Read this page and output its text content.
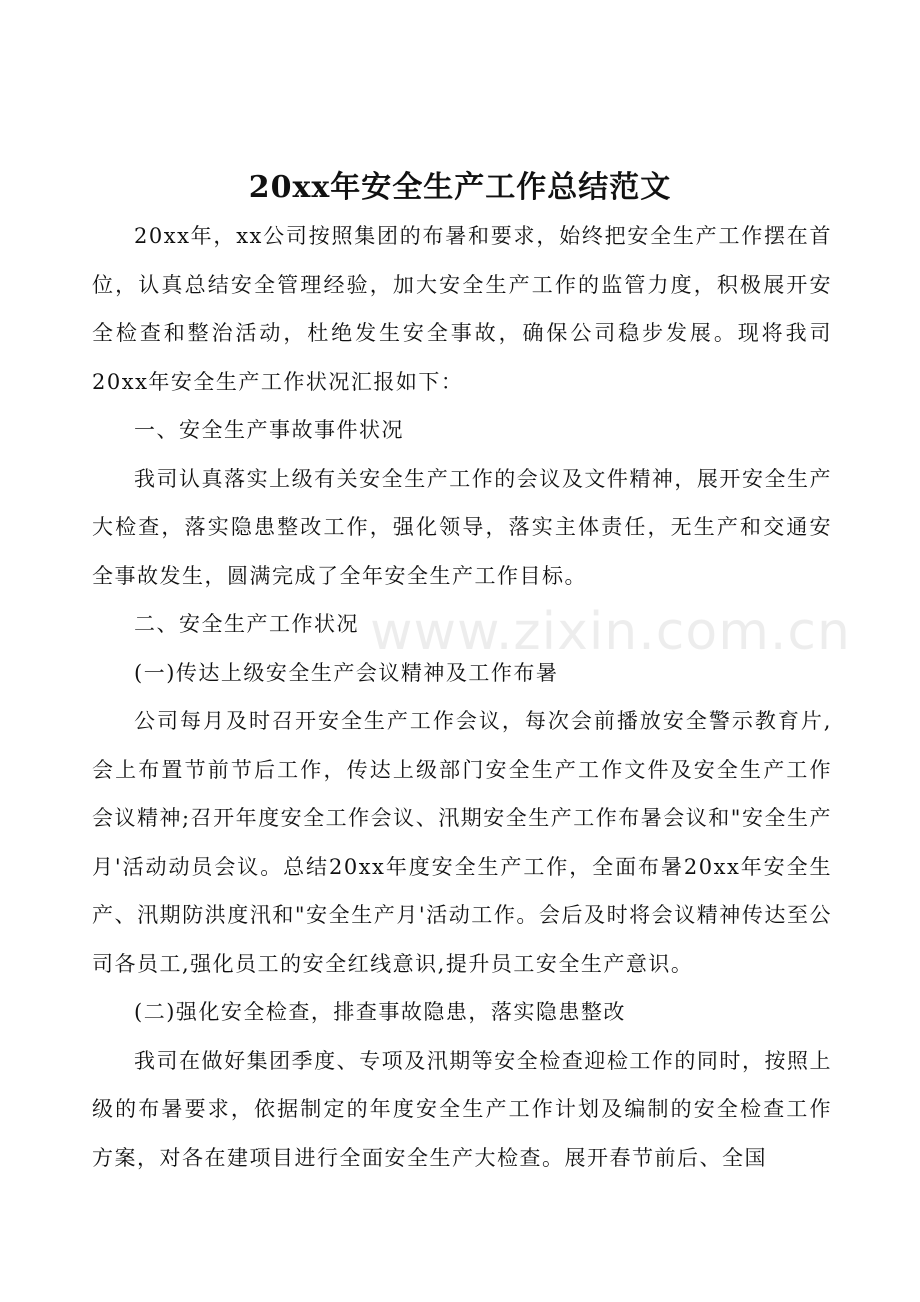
20xx年安全生产工作总结范文

20xx年，xx公司按照集团的布暑和要求，始终把安全生产工作摆在首位，认真总结安全管理经验，加大安全生产工作的监管力度，积极展开安全检查和整治活动，杜绝发生安全事故，确保公司稳步发展。现将我司20xx年安全生产工作状况汇报如下：

一、安全生产事故事件状况

我司认真落实上级有关安全生产工作的会议及文件精神，展开安全生产大检查，落实隐患整改工作，强化领导，落实主体责任，无生产和交通安全事故发生，圆满完成了全年安全生产工作目标。

二、安全生产工作状况

(一)传达上级安全生产会议精神及工作布暑

公司每月及时召开安全生产工作会议，每次会前播放安全警示教育片,会上布置节前节后工作，传达上级部门安全生产工作文件及安全生产工作会议精神;召开年度安全工作会议、汛期安全生产工作布暑会议和"安全生产月'活动动员会议。总结20xx年度安全生产工作，全面布暑20xx年安全生产、汛期防洪度汛和"安全生产月'活动工作。会后及时将会议精神传达至公司各员工,强化员工的安全红线意识,提升员工安全生产意识。

(二)强化安全检查，排查事故隐患，落实隐患整改

我司在做好集团季度、专项及汛期等安全检查迎检工作的同时，按照上级的布暑要求，依据制定的年度安全生产工作计划及编制的安全检查工作方案，对各在建项目进行全面安全生产大检查。展开春节前后、全国

www.zixin.com.cn
